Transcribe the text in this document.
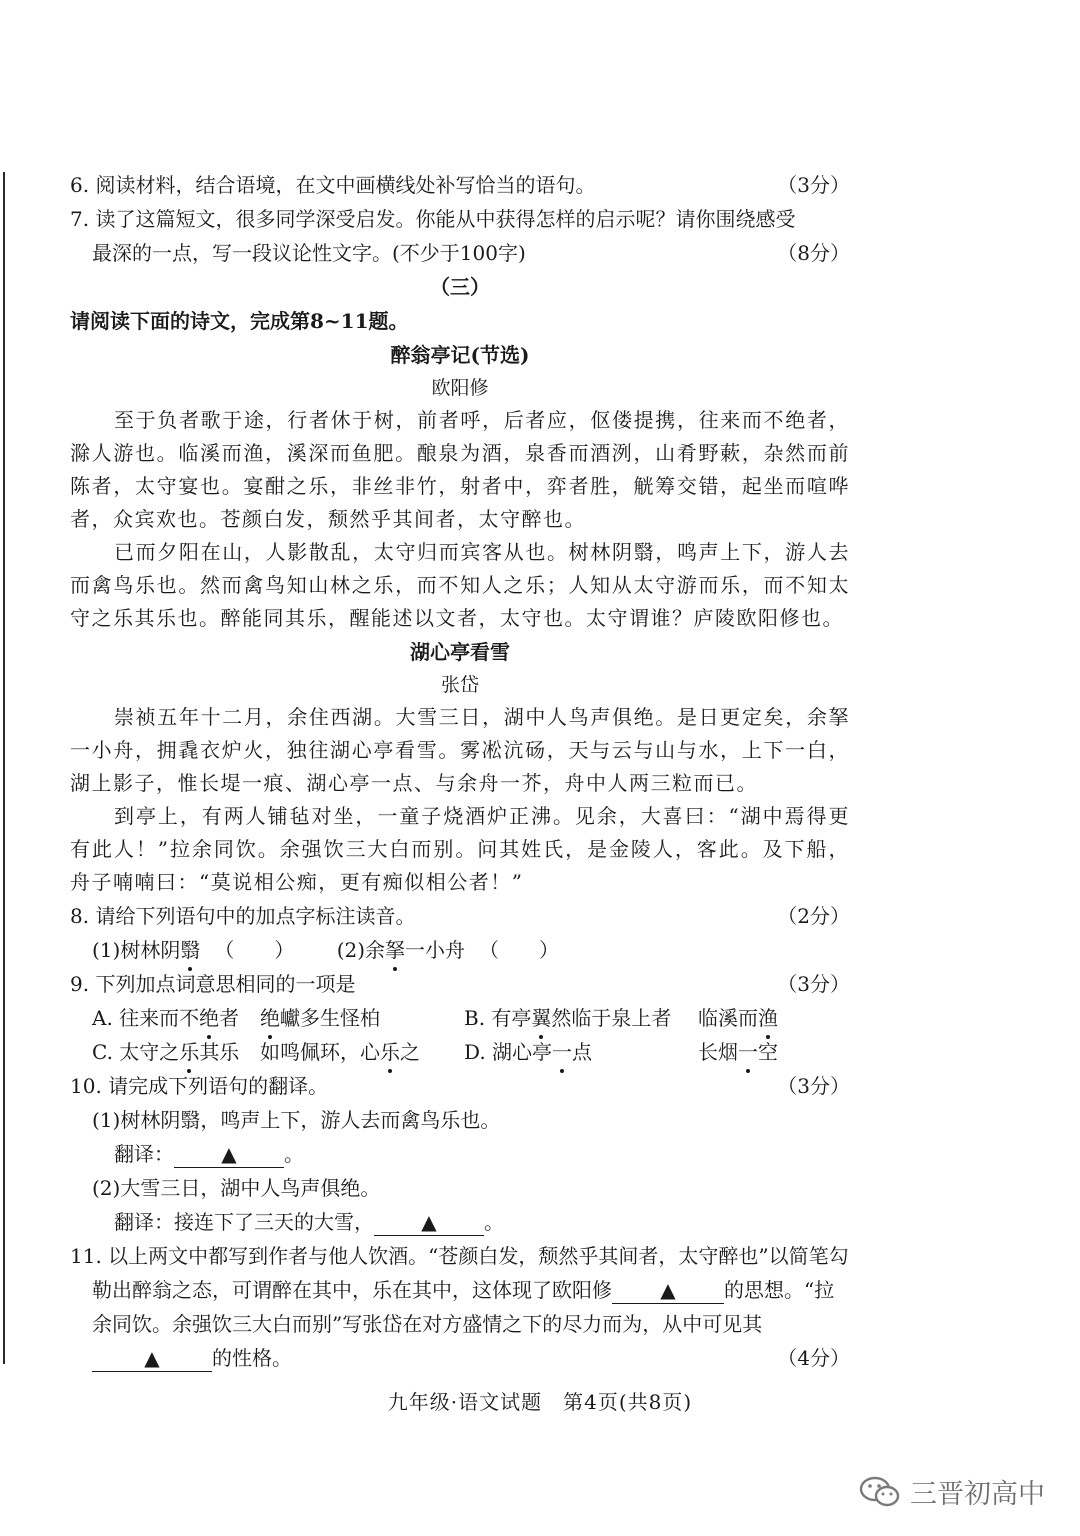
6. 阅读材料，结合语境，在文中画横线处补写恰当的语句。	（3分）
7. 读了这篇短文，很多同学深受启发。你能从中获得怎样的启示呢？请你围绕感受
最深的一点，写一段议论性文字。(不少于100字)	（8分）
（三）
请阅读下面的诗文，完成第8~11题。
醉翁亭记(节选)
欧阳修
至于负者歌于途，行者休于树，前者呼，后者应，伛偻提携，往来而不绝者，滁人游也。临溪而渔，溪深而鱼肥。酿泉为酒，泉香而酒洌，山肴野蔌，杂然而前陈者，太守宴也。宴酣之乐，非丝非竹，射者中，弈者胜，觥筹交错，起坐而喧哗者，众宾欢也。苍颜白发，颓然乎其间者，太守醉也。
已而夕阳在山，人影散乱，太守归而宾客从也。树林阴翳，鸣声上下，游人去而禽鸟乐也。然而禽鸟知山林之乐，而不知人之乐；人知从太守游而乐，而不知太守之乐其乐也。醉能同其乐，醒能述以文者，太守也。太守谓谁？庐陵欧阳修也。
湖心亭看雪
张岱
崇祯五年十二月，余住西湖。大雪三日，湖中人鸟声俱绝。是日更定矣，余拏一小舟，拥毳衣炉火，独往湖心亭看雪。雾凇沆砀，天与云与山与水，上下一白，湖上影子，惟长堤一痕、湖心亭一点、与余舟一芥，舟中人两三粒而已。
到亭上，有两人铺毡对坐，一童子烧酒炉正沸。见余，大喜曰：“湖中焉得更有此人！”拉余同饮。余强饮三大白而别。问其姓氏，是金陵人，客此。及下船，舟子喃喃曰：“莫说相公痴，更有痴似相公者！”
8. 请给下列语句中的加点字标注读音。	（2分）
(1)树林阴翳 （　　） (2)余拏一小舟 （　　）
9. 下列加点词意思相同的一项是	（3分）
A. 往来而不绝者 绝巘多生怪柏	B. 有亭翼然临于泉上者 临溪而渔
C. 太守之乐其乐 如鸣佩环，心乐之 D. 湖心亭一点	长烟一空
10. 请完成下列语句的翻译。	（3分）
(1)树林阴翳，鸣声上下，游人去而禽鸟乐也。
翻译： ▲ 。
(2)大雪三日，湖中人鸟声俱绝。
翻译：接连下了三天的大雪， ▲ 。
11. 以上两文中都写到作者与他人饮酒。“苍颜白发，颓然乎其间者，太守醉也”以简笔勾
勒出醉翁之态，可谓醉在其中，乐在其中，这体现了欧阳修 ▲ 的思想。“拉
余同饮。余强饮三大白而别”写张岱在对方盛情之下的尽力而为，从中可见其
▲	的性格。	（4分）
九年级·语文试题　第4页(共8页)
三晋初高中
